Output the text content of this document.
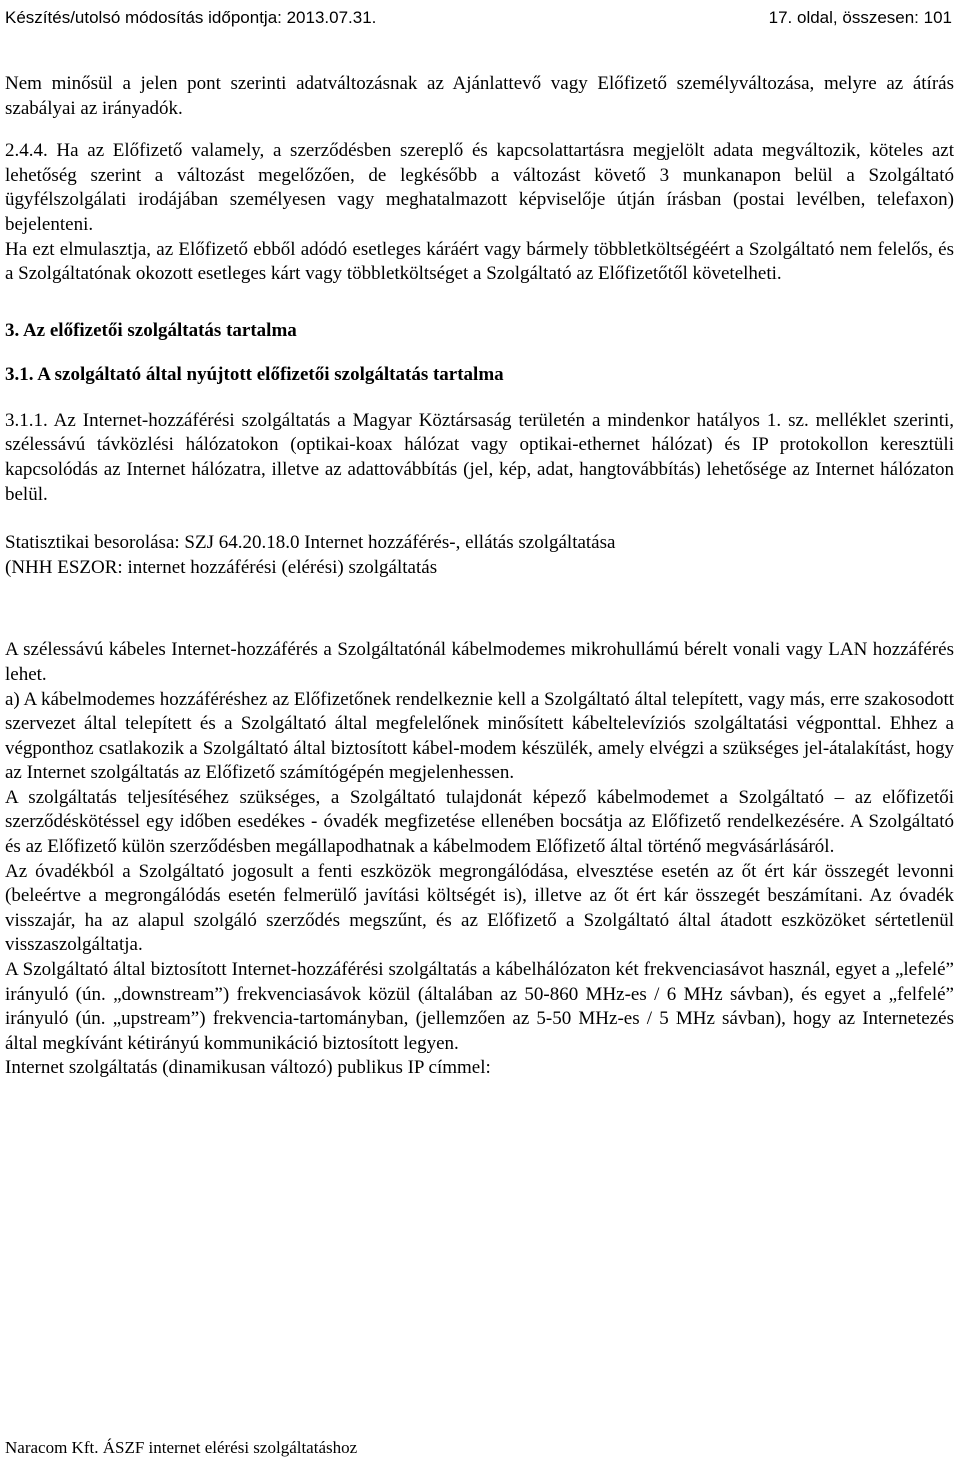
Készítés/utolsó módosítás időpontja: 2013.07.31.	17. oldal, összesen: 101

Nem minősül a jelen pont szerinti adatváltozásnak az Ajánlattevő vagy Előfizető személyváltozása, melyre az átírás szabályai az irányadók.

2.4.4. Ha az Előfizető valamely, a szerződésben szereplő és kapcsolattartásra megjelölt adata megváltozik, köteles azt lehetőség szerint a változást megelőzően, de legkésőbb a változást követő 3 munkanapon belül a Szolgáltató ügyfélszolgálati irodájában személyesen vagy meghatalmazott képviselője útján írásban (postai levélben, telefaxon) bejelenteni.

Ha ezt elmulasztja, az Előfizető ebből adódó esetleges káráért vagy bármely többletköltségéért a Szolgáltató nem felelős, és a Szolgáltatónak okozott esetleges kárt vagy többletköltséget a Szolgáltató az Előfizetőtől követelheti.

3. Az előfizetői szolgáltatás tartalma
3.1. A szolgáltató által nyújtott előfizetői szolgáltatás tartalma

3.1.1. Az Internet-hozzáférési szolgáltatás a Magyar Köztársaság területén a mindenkor hatályos 1. sz. melléklet szerinti, szélessávú távközlési hálózatokon (optikai-koax hálózat vagy optikai-ethernet hálózat) és IP protokollon keresztüli kapcsolódás az Internet hálózatra, illetve az adattovábbítás (jel, kép, adat, hangtovábbítás) lehetősége az Internet hálózaton belül.

Statisztikai besorolása: SZJ 64.20.18.0 Internet hozzáférés-, ellátás szolgáltatása

(NHH ESZOR: internet hozzáférési (elérési) szolgáltatás

A szélessávú kábeles Internet-hozzáférés a Szolgáltatónál kábelmodemes mikrohullámú bérelt vonali vagy LAN hozzáférés lehet.

a) A kábelmodemes hozzáféréshez az Előfizetőnek rendelkeznie kell a Szolgáltató által telepített, vagy más, erre szakosodott szervezet által telepített és a Szolgáltató által megfelelőnek minősített kábeltelevíziós szolgáltatási végponttal. Ehhez a végponthoz csatlakozik a Szolgáltató által biztosított kábel-modem készülék, amely elvégzi a szükséges jel-átalakítást, hogy az Internet szolgáltatás az Előfizető számítógépén megjelenhessen.

A szolgáltatás teljesítéséhez szükséges, a Szolgáltató tulajdonát képező kábelmodemet a Szolgáltató – az előfizetői szerződéskötéssel egy időben esedékes - óvadék megfizetése ellenében bocsátja az Előfizető rendelkezésére. A Szolgáltató és az Előfizető külön szerződésben megállapodhatnak a kábelmodem Előfizető által történő megvásárlásáról.

Az óvadékból a Szolgáltató jogosult a fenti eszközök megrongálódása, elvesztése esetén az őt ért kár összegét levonni (beleértve a megrongálódás esetén felmerülő javítási költségét is), illetve az őt ért kár összegét beszámítani. Az óvadék visszajár, ha az alapul szolgáló szerződés megszűnt, és az Előfizető a Szolgáltató által átadott eszközöket sértetlenül visszaszolgáltatja.

A Szolgáltató által biztosított Internet-hozzáférési szolgáltatás a kábelhálózaton két frekvenciasávot használ, egyet a „lefelé” irányuló (ún. „downstream”) frekvenciasávok közül (általában az 50-860 MHz-es / 6 MHz sávban), és egyet a „felfelé” irányuló (ún. „upstream”) frekvencia-tartományban, (jellemzően az 5-50 MHz-es / 5 MHz sávban), hogy az Internetezés által megkívánt kétirányú kommunikáció biztosított legyen.

Internet szolgáltatás (dinamikusan változó) publikus IP címmel:

Naracom Kft. ÁSZF internet elérési szolgáltatáshoz
